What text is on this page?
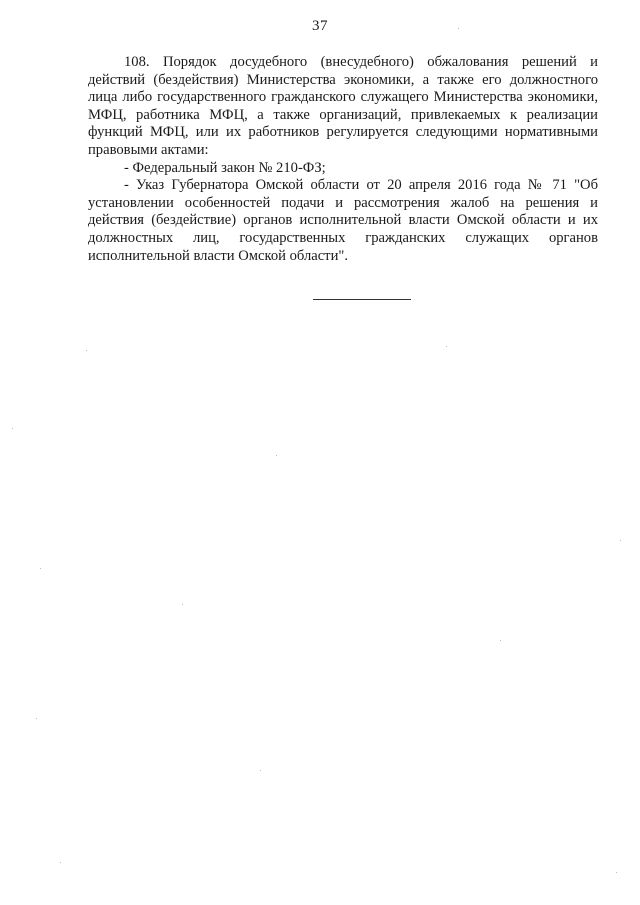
37

108. Порядок досудебного (внесудебного) обжалования решений и действий (бездействия) Министерства экономики, а также его должностного лица либо государственного гражданского служащего Министерства экономики, МФЦ, работника МФЦ, а также организаций, привлекаемых к реализации функций МФЦ, или их работников регулируется следующими нормативными правовыми актами:

- Федеральный закон № 210-ФЗ;

- Указ Губернатора Омской области от 20 апреля 2016 года № 71 "Об установлении особенностей подачи и рассмотрения жалоб на решения и действия (бездействие) органов исполнительной власти Омской области и их должностных лиц, государственных гражданских служащих органов исполнительной власти Омской области".
